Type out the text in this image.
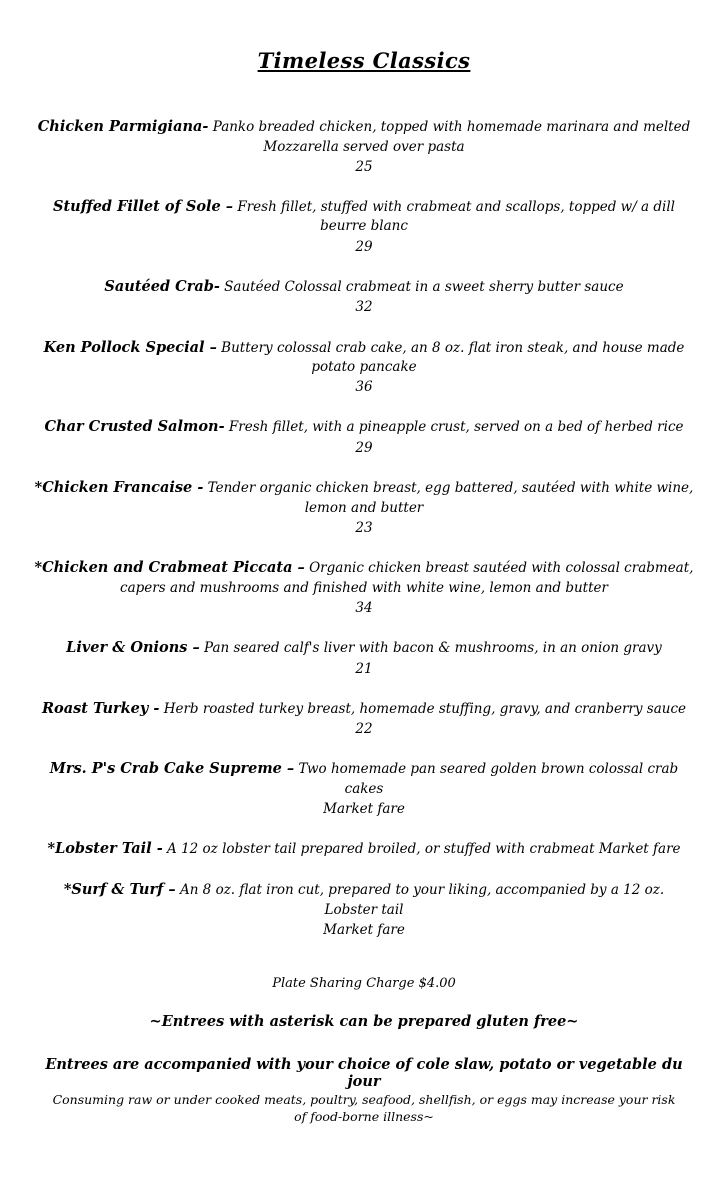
Timeless Classics
Chicken Parmigiana- Panko breaded chicken, topped with homemade marinara and melted Mozzarella served over pasta
25
Stuffed Fillet of Sole – Fresh fillet, stuffed with crabmeat and scallops, topped w/ a dill beurre blanc
29
Sautéed Crab- Sautéed Colossal crabmeat in a sweet sherry butter sauce
32
Ken Pollock Special – Buttery colossal crab cake, an 8 oz. flat iron steak, and house made potato pancake
36
Char Crusted Salmon- Fresh fillet, with a pineapple crust, served on a bed of herbed rice
29
*Chicken Francaise - Tender organic chicken breast, egg battered, sautéed with white wine, lemon and butter
23
*Chicken and Crabmeat Piccata – Organic chicken breast sautéed with colossal crabmeat, capers and mushrooms and finished with white wine, lemon and butter
34
Liver & Onions – Pan seared calf's liver with bacon & mushrooms, in an onion gravy
21
Roast Turkey - Herb roasted turkey breast, homemade stuffing, gravy, and cranberry sauce
22
Mrs. P's Crab Cake Supreme – Two homemade pan seared golden brown colossal crab cakes
Market fare
*Lobster Tail - A 12 oz lobster tail prepared broiled, or stuffed with crabmeat Market fare
*Surf & Turf – An 8 oz. flat iron cut, prepared to your liking, accompanied by a 12 oz.
Lobster tail
Market fare
Plate Sharing Charge $4.00
~Entrees with asterisk can be prepared gluten free~
Entrees are accompanied with your choice of cole slaw, potato or vegetable du jour
Consuming raw or under cooked meats, poultry, seafood, shellfish, or eggs may increase your risk of food-borne illness~
